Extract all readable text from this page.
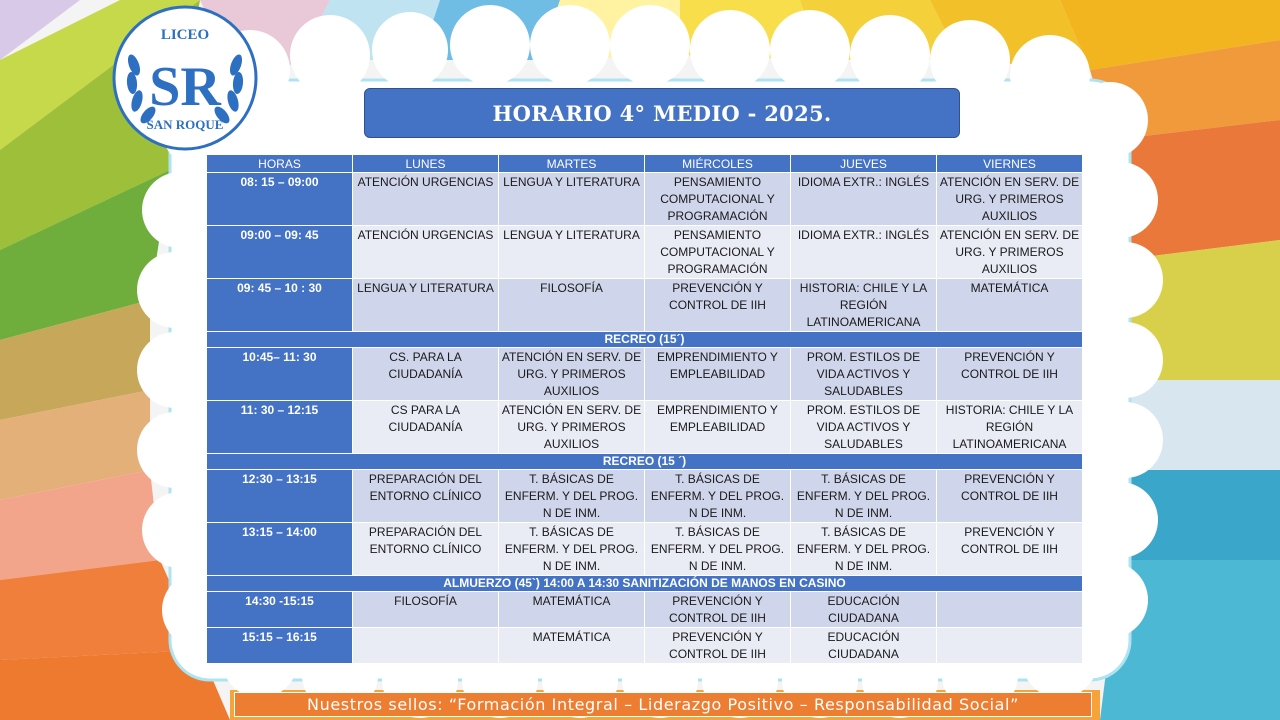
LICEO
SR
SAN ROQUE	HORARIO 4° MEDIO - 2025.
HORAS	LUNES	MARTES	MIÉRCOLES	JUEVES	VIERNES
08: 15 – 09:00	ATENCIÓN URGENCIAS	LENGUA Y LITERATURA	PENSAMIENTO COMPUTACIONAL Y PROGRAMACIÓN	IDIOMA EXTR.: INGLÉS	ATENCIÓN EN SERV. DE URG. Y PRIMEROS AUXILIOS
09:00 – 09: 45	ATENCIÓN URGENCIAS	LENGUA Y LITERATURA	PENSAMIENTO COMPUTACIONAL Y PROGRAMACIÓN	IDIOMA EXTR.: INGLÉS	ATENCIÓN EN SERV. DE URG. Y PRIMEROS AUXILIOS
09: 45 – 10 : 30	LENGUA Y LITERATURA	FILOSOFÍA	PREVENCIÓN Y CONTROL DE IIH	HISTORIA: CHILE Y LA REGIÓN LATINOAMERICANA	MATEMÁTICA
RECREO (15´)					
10:45– 11: 30	CS. PARA LA CIUDADANÍA	ATENCIÓN EN SERV. DE URG. Y PRIMEROS AUXILIOS	EMPRENDIMIENTO Y EMPLEABILIDAD	PROM. ESTILOS DE VIDA ACTIVOS Y SALUDABLES	PREVENCIÓN Y CONTROL DE IIH
11: 30 – 12:15	CS PARA LA CIUDADANÍA	ATENCIÓN EN SERV. DE URG. Y PRIMEROS AUXILIOS	EMPRENDIMIENTO Y EMPLEABILIDAD	PROM. ESTILOS DE VIDA ACTIVOS Y SALUDABLES	HISTORIA: CHILE Y LA REGIÓN LATINOAMERICANA
RECREO (15 ´)					
12:30 – 13:15	PREPARACIÓN DEL ENTORNO CLÍNICO	T. BÁSICAS DE ENFERM. Y DEL PROG. N DE INM.	T. BÁSICAS DE ENFERM. Y DEL PROG. N DE INM.	T. BÁSICAS DE ENFERM. Y DEL PROG. N DE INM.	PREVENCIÓN Y CONTROL DE IIH
13:15 – 14:00	PREPARACIÓN DEL ENTORNO CLÍNICO	T. BÁSICAS DE ENFERM. Y DEL PROG. N DE INM.	T. BÁSICAS DE ENFERM. Y DEL PROG. N DE INM.	T. BÁSICAS DE ENFERM. Y DEL PROG. N DE INM.	PREVENCIÓN Y CONTROL DE IIH
ALMUERZO (45`) 14:00 A 14:30 SANITIZACIÓN DE MANOS EN CASINO					
14:30 -15:15	FILOSOFÍA	MATEMÁTICA	PREVENCIÓN Y CONTROL DE IIH	EDUCACIÓN CIUDADANA	
15:15 – 16:15		MATEMÁTICA	PREVENCIÓN Y CONTROL DE IIH	EDUCACIÓN CIUDADANA	
Nuestros sellos: “Formación Integral – Liderazgo Positivo – Responsabilidad Social”
